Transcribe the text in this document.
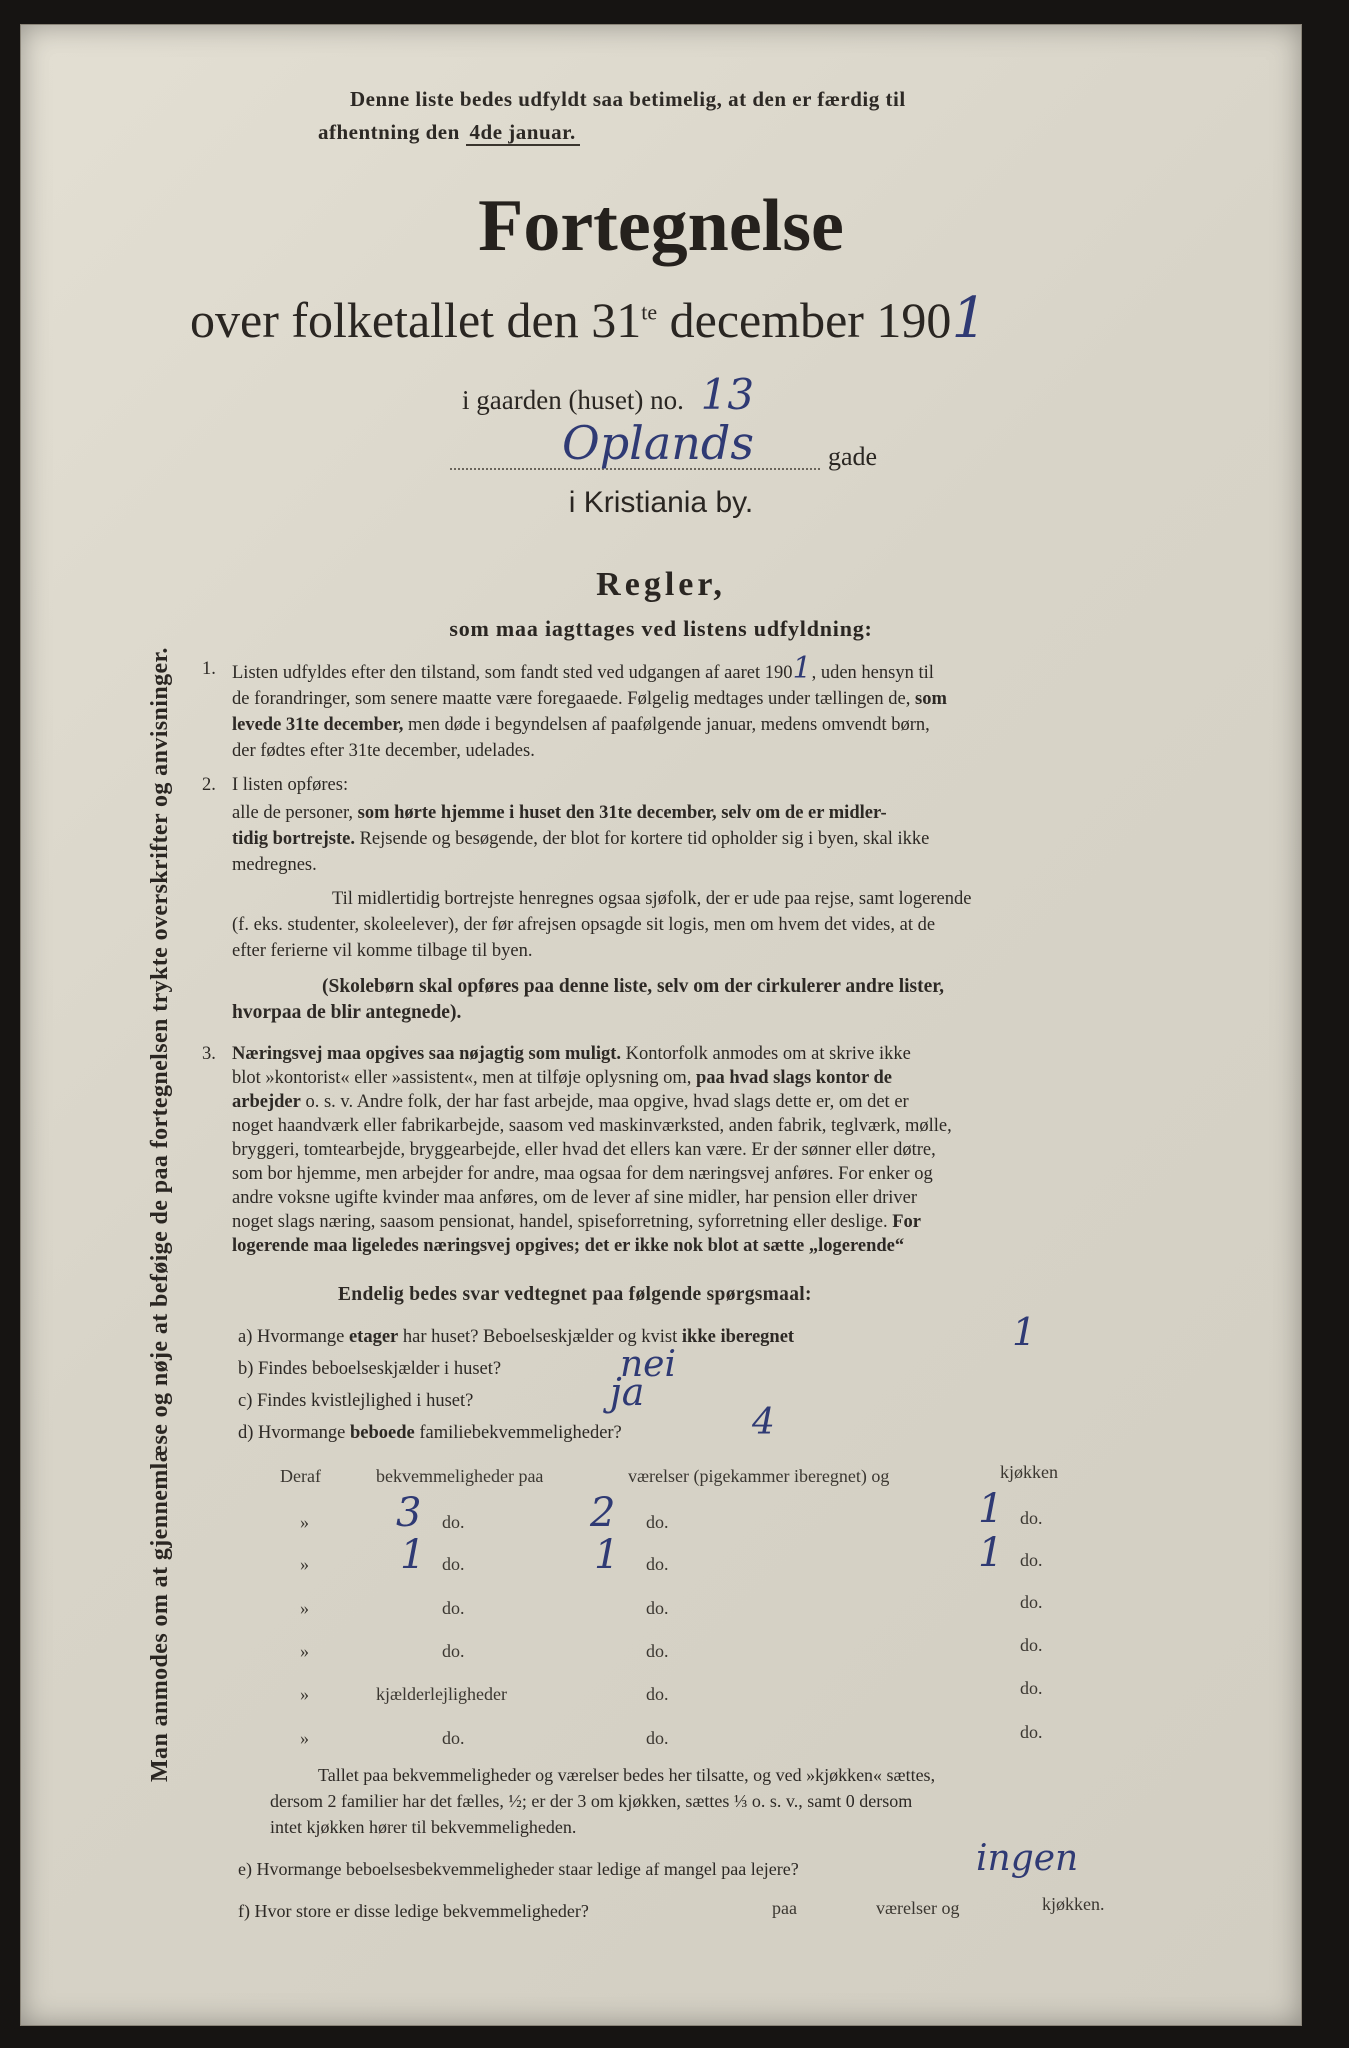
Man anmodes om at gjennemlæse og nøje at beføige de paa fortegnelsen trykte overskrifter og anvisninger.
Denne liste bedes udfyldt saa betimelig, at den er færdig til
afhentning den 4de januar.
Fortegnelse
over folketallet den $31^{te}$ december 1901
i gaarden (huset) no. 13
Oplands	gade
i Kristiania by.
Regler,
som maa iagttages ved listens udfyldning:
1. Listen udfyldes efter den tilstand, som fandt sted ved udgangen af aaret 1901, uden hensyn til
de forandringer, som senere maatte være foregaaede. Følgelig medtages under tællingen de, som
levede 31te december, men døde i begyndelsen af paafølgende januar, medens omvendt børn,
der fødtes efter 31te december, udelades.
2. I listen opføres:
alle de personer, som hørte hjemme i huset den 31te december, selv om de er midler-
tidig bortrejste. Rejsende og besøgende, der blot for kortere tid opholder sig i byen, skal ikke
medregnes.
Til midlertidig bortrejste henregnes ogsaa sjøfolk, der er ude paa rejse, samt logerende
(f. eks. studenter, skoleelever), der før afrejsen opsagde sit logis, men om hvem det vides, at de
efter ferierne vil komme tilbage til byen.
(Skolebørn skal opføres paa denne liste, selv om der cirkulerer andre lister,
hvorpaa de blir antegnede).
3. Næringsvej maa opgives saa nøjagtig som muligt. Kontorfolk anmodes om at skrive ikke
blot »kontorist« eller »assistent«, men at tilføje oplysning om, paa hvad slags kontor de
arbejder o. s. v. Andre folk, der har fast arbejde, maa opgive, hvad slags dette er, om det er
noget haandværk eller fabrikarbejde, saasom ved maskinværksted, anden fabrik, teglværk, mølle,
bryggeri, tomtearbejde, bryggearbejde, eller hvad det ellers kan være. Er der sønner eller døtre,
som bor hjemme, men arbejder for andre, maa ogsaa for dem næringsvej anføres. For enker og
andre voksne ugifte kvinder maa anføres, om de lever af sine midler, har pension eller driver
noget slags næring, saasom pensionat, handel, spiseforretning, syforretning eller deslige. For
logerende maa ligeledes næringsvej opgives; det er ikke nok blot at sætte „logerende“
Endelig bedes svar vedtegnet paa følgende spørgsmaal:
a) Hvormange etager har huset? Beboelseskjælder og kvist ikke iberegnet	1
b) Findes beboelseskjælder i huset?	nei
c) Findes kvistlejlighed i huset?	ja
d) Hvormange beboede familiebekvemmeligheder?	4
Deraf	bekvemmeligheder paa	værelser (pigekammer iberegnet) og	kjøkken
» 3 do.	2 do.	1 do.
» 1 do.	1 do.	1 do.
»	do.	do.	do.
»	do.	do.	do.
»	kjælderlejligheder	do.	do.
»	do.	do.	do.
Tallet paa bekvemmeligheder og værelser bedes her tilsatte, og ved »kjøkken« sættes,
dersom 2 familier har det fælles, ½; er der 3 om kjøkken, sættes ⅓ o. s. v., samt 0 dersom
intet kjøkken hører til bekvemmeligheden.
e) Hvormange beboelsesbekvemmeligheder staar ledige af mangel paa lejere?	ingen
f) Hvor store er disse ledige bekvemmeligheder?	paa	værelser og	kjøkken.
